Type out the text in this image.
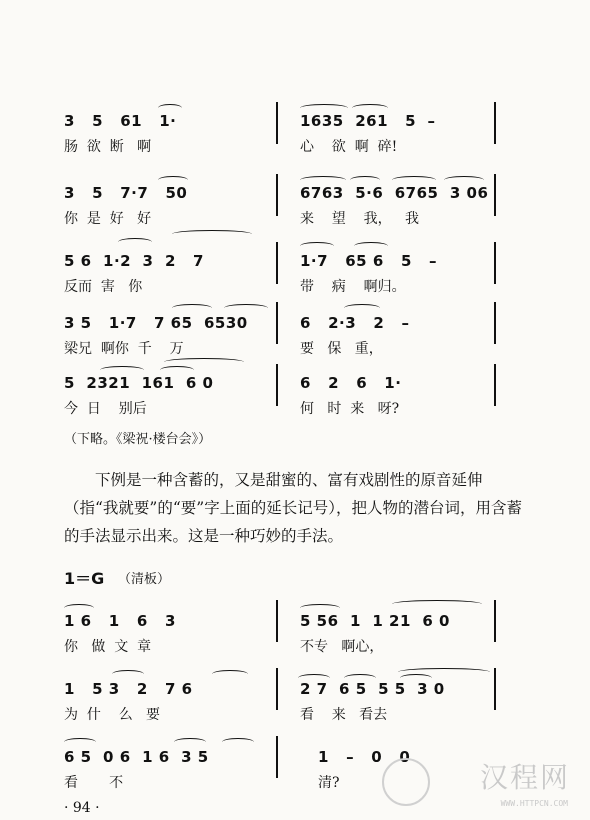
3   5   61   1·	1635  261   5  –
肠  欲  断   啊	心    欲  啊  碎!
3   5   7·7   50	6763  5·6  6765  3 06
你  是  好   好	来    望    我，   我
5 6  1·2  3  2   7	1·7   65 6   5   –
反而  害   你	带    病    啊归。
3 5   1·7   7 65  6530	6   2·3   2   –
梁兄  啊你  千    万	要   保   重，
5  2321  161  6 0	6   2   6   1·
今  日    别后	何   时  来   呀?
（下略。《梁祝·楼台会》）
下例是一种含蓄的，又是甜蜜的、富有戏剧性的原音延伸（指“我就要”的“要”字上面的延长记号），把人物的潜台词，用含蓄的手法显示出来。这是一种巧妙的手法。
1＝G （清板）
1 6   1   6   3	5 56  1  1 21  6 0
你   做  文  章	不专   啊心，
1   5 3   2   7 6	2 7  6 5  5 5  3 0
为  什    么   要	看    来   看去
6 5  0 6  1 6  3 5	1   –   0   0
看       不	清?
· 94 ·
汉程网
WWW.HTTPCN.COM
